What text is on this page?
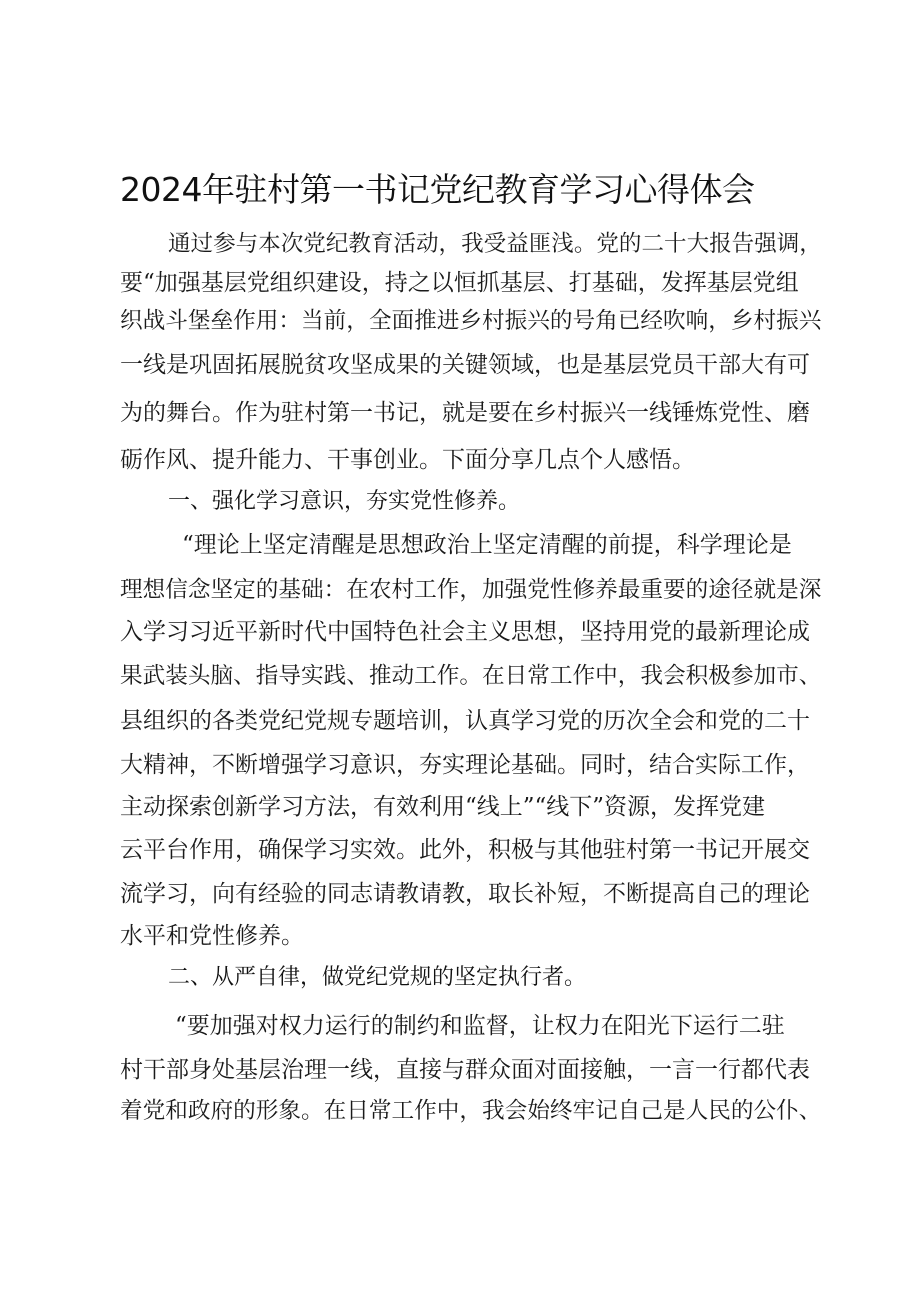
2024年驻村第一书记党纪教育学习心得体会
通过参与本次党纪教育活动，我受益匪浅。党的二十大报告强调，
要“加强基层党组织建设，持之以恒抓基层、打基础，发挥基层党组
织战斗堡垒作用：当前，全面推进乡村振兴的号角已经吹响，乡村振兴
一线是巩固拓展脱贫攻坚成果的关键领域，也是基层党员干部大有可
为的舞台。作为驻村第一书记，就是要在乡村振兴一线锤炼党性、磨
砺作风、提升能力、干事创业。下面分享几点个人感悟。
一、强化学习意识，夯实党性修养。
“理论上坚定清醒是思想政治上坚定清醒的前提，科学理论是
理想信念坚定的基础：在农村工作，加强党性修养最重要的途径就是深
入学习习近平新时代中国特色社会主义思想，坚持用党的最新理论成
果武装头脑、指导实践、推动工作。在日常工作中，我会积极参加市、
县组织的各类党纪党规专题培训，认真学习党的历次全会和党的二十
大精神，不断增强学习意识，夯实理论基础。同时，结合实际工作，
主动探索创新学习方法，有效利用“线上”“线下”资源，发挥党建
云平台作用，确保学习实效。此外，积极与其他驻村第一书记开展交
流学习，向有经验的同志请教请教，取长补短，不断提高自己的理论
水平和党性修养。
二、从严自律，做党纪党规的坚定执行者。
“要加强对权力运行的制约和监督，让权力在阳光下运行二驻
村干部身处基层治理一线，直接与群众面对面接触，一言一行都代表
着党和政府的形象。在日常工作中，我会始终牢记自己是人民的公仆、
